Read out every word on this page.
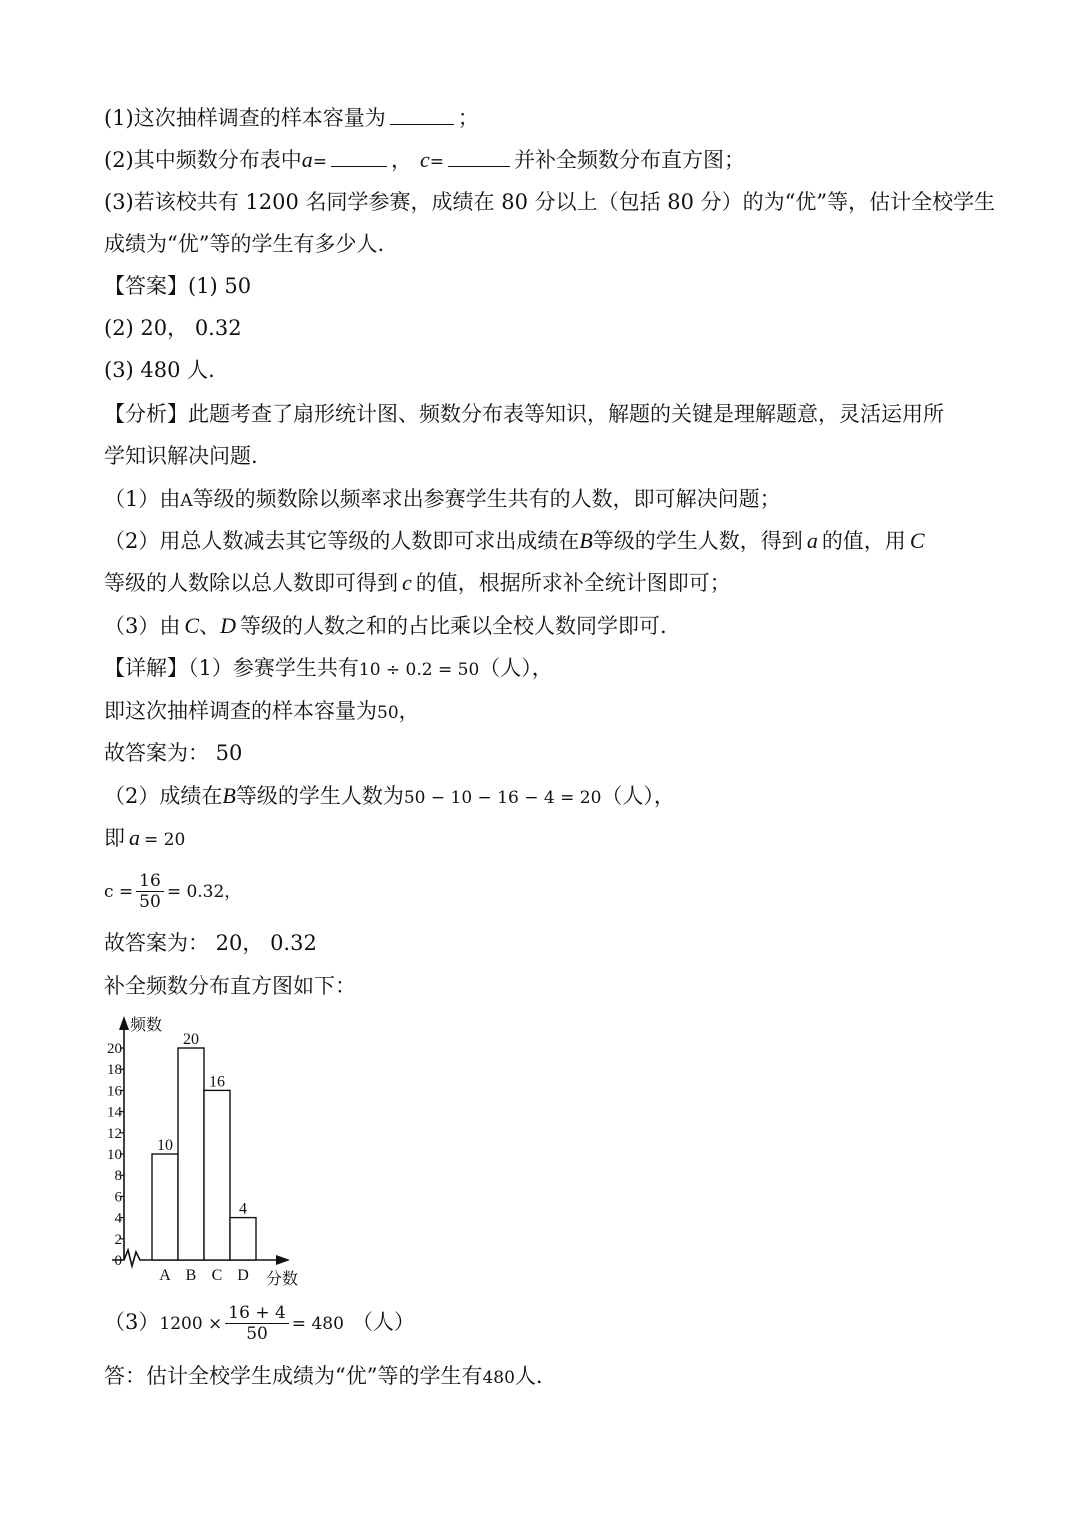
(1)这次抽样调查的样本容量为	；
(2)其中频数分布表中a=	， c=	并补全频数分布直方图；
(3)若该校共有 1200 名同学参赛，成绩在 80 分以上（包括 80 分）的为“优”等，估计全校学生
成绩为“优”等的学生有多少人.
【答案】(1) 50
(2) 20， 0.32
(3) 480 人.
【分析】此题考查了扇形统计图、频数分布表等知识，解题的关键是理解题意，灵活运用所
学知识解决问题.
（1）由A等级的频数除以频率求出参赛学生共有的人数，即可解决问题；
（2）用总人数减去其它等级的人数即可求出成绩在B等级的学生人数，得到 a 的值，用 C
等级的人数除以总人数即可得到 c 的值，根据所求补全统计图即可；
（3）由 C、D 等级的人数之和的占比乘以全校人数同学即可.
【详解】（1）参赛学生共有10 ÷ 0.2 = 50（人），
即这次抽样调查的样本容量为50，
故答案为： 50
（2）成绩在B等级的学生人数为50 − 10 − 16 − 4 = 20（人），
即 a = 20
$c = \frac{16}{50} = 0.32$，
故答案为： 20， 0.32
补全频数分布直方图如下：
频数
分数
0
2
4
6
8
10
12
14
16
18
20
10
A
20
B
16
C
4
D
$(3)1200 \times \frac{16 + 4}{50} = 480$ （人）
答：估计全校学生成绩为“优”等的学生有480人.
